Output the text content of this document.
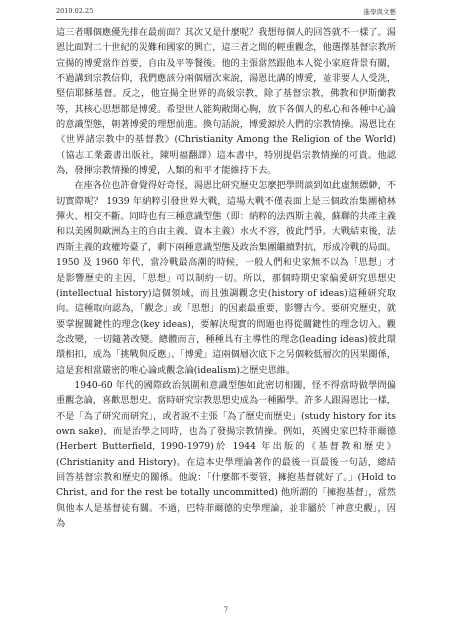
2019.02.25	進學與文藝

這三者哪個應優先排在最前面？其次又是什麼呢？我想每個人的回答就不一樣了。湯恩比面對二十世紀的災難和國家的興亡，這三者之間的輕重觀念，他選擇基督宗教所宣揚的博愛當作首要，自由及平等餐後。他的主張當然跟他本人從小家庭背景有關，不過講到宗教信仰，我們應該分兩個層次來說，湯恩比講的博愛，並非要人人受洗，堅信耶穌基督。反之，他宣揚全世界的高級宗教，除了基督宗教，佛教和伊斯蘭教等，其核心思想都是博愛。希望世人能夠敞開心胸，放下各個人的私心和各種中心論的意識型態，朝著博愛的理想前進。換句話說，博愛源於人們的宗教情操。湯恩比在《世界諸宗教中的基督教》(Christianity Among the Religion of the World)（協志工業叢書出版社，陳明福翻譯）這本書中，特別提倡宗教情操的可貴。他認為，發揮宗教情操的博愛，人類的和平才能維持下去。

在座各位也許會覺得好奇怪，湯恩比研究歷史怎麼把學問談到如此虛無縹緲，不切實際呢？ 1939 年納粹引發世界大戰，這場大戰不僅表面上是三個政治集團槍林彈火、相交不斷。同時也有三種意識型態（即：納粹的法西斯主義，蘇聯的共產主義和以美國與歐洲為主的自由主義、資本主義）水火不容，彼此鬥爭。大戰結束後，法西斯主義的政權垮臺了，剩下兩種意識型態及政治集團繼續對抗，形成冷戰的局面。1950 及 1960 年代，當冷戰最高潮的時候，一般人們和史家無不以為「思想」才是影響歷史的主因，「思想」可以制約一切。所以，那個時期史家偏愛研究思想史(intellectual history)這個領域，而且強調觀念史(history of ideas)這種研究取向。這種取向認為，「觀念」或「思想」的因素最重要，影響古今。要研究歷史，就要掌握關鍵性的理念(key ideas)，要解決現實的問題也得從關鍵性的理念切入。觀念改變，一切隨著改變。總體而言，種種具有主導性的理念(leading ideas)彼此環環相扣，成為「挑戰與反應」、「博愛」這兩個層次底下之另個較低層次的因果關係，這是套相當嚴密的唯心論或觀念論(idealism)之歷史思維。

1940-60 年代的國際政治氛圍和意識型態如此密切相關，怪不得當時做學問偏重觀念論，喜歡思想史。當時研究宗教思想史成為一種顯學。許多人跟湯恩比一樣，不是「為了研究而研究」，或者說不主張「為了歷史而歷史」(study history for its own sake)，而是治學之同時，也為了發揚宗教情操。例如，英國史家巴特菲爾德(Herbert Butterfield, 1990-1979)於 1944 年出版的《基督教和歷史》(Christianity and History)。在這本史學理論著作的最後一頁最後一句話，總結回答基督宗教和歷史的關係。他說：「什麼都不要管，擁抱基督就好了。」(Hold to Christ, and for the rest be totally uncommitted) 他所謂的「擁抱基督」，當然與他本人是基督徒有關。不過，巴特菲爾德的史學理論，並非屬於「神意史觀」，因為

7
